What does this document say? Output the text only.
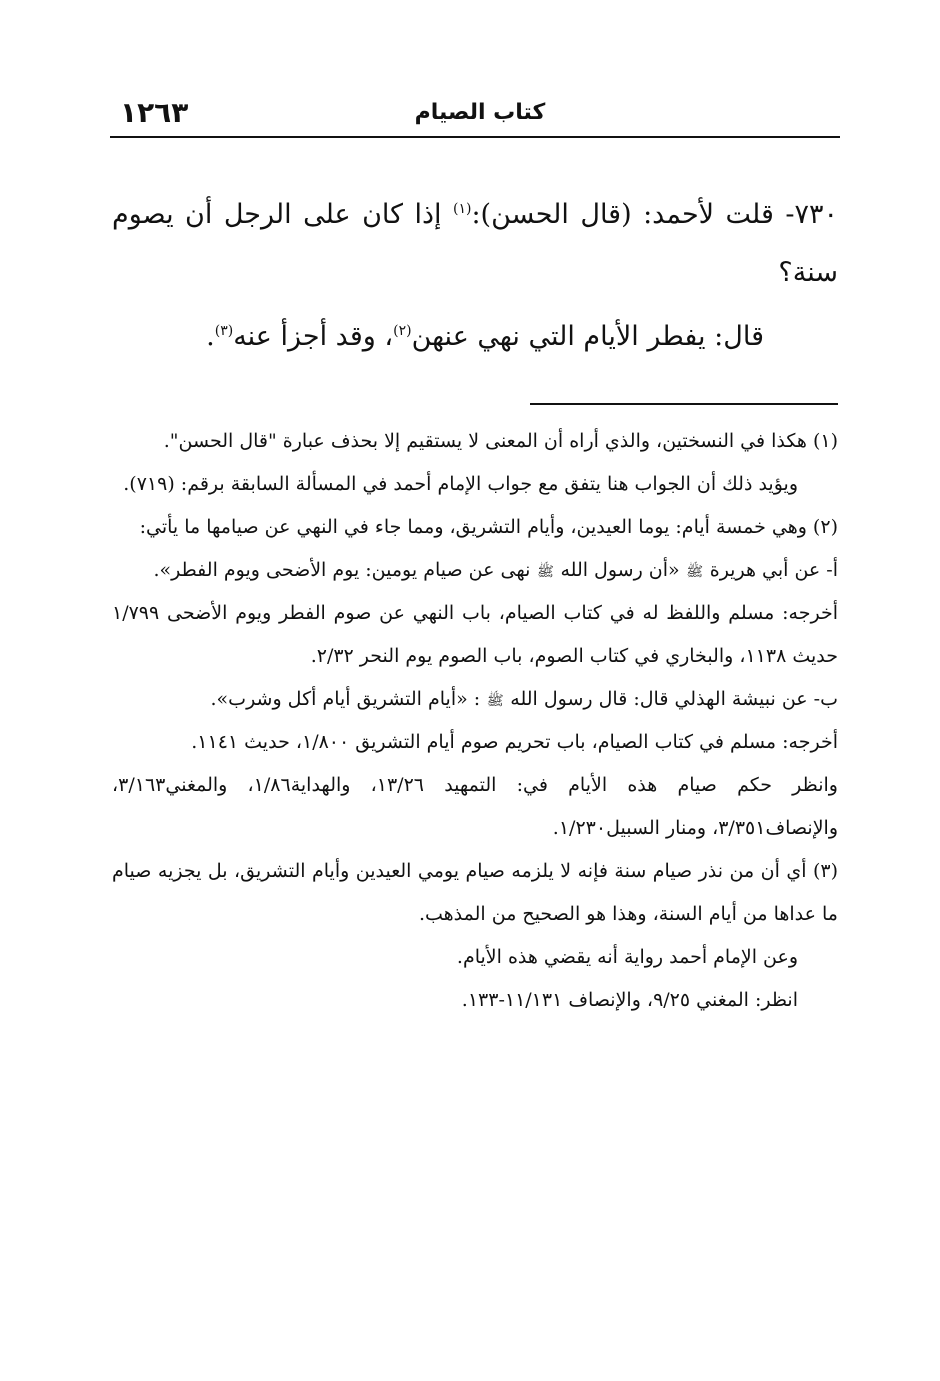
١٢٦٣	كتاب الصيام

٧٣٠- قلت لأحمد: (قال الحسن):$^{(١)}$ إذا كان على الرجل أن يصوم سنة؟

قال: يفطر الأيام التي نهي عنهن$^{(٢)}$، وقد أجزأ عنه$^{(٣)}$.

(١) هكذا في النسختين، والذي أراه أن المعنى لا يستقيم إلا بحذف عبارة "قال الحسن".
ويؤيد ذلك أن الجواب هنا يتفق مع جواب الإمام أحمد في المسألة السابقة برقم: (٧١٩).
(٢) وهي خمسة أيام: يوما العيدين، وأيام التشريق، ومما جاء في النهي عن صيامها ما يأتي:
أ- عن أبي هريرة ﷺ «أن رسول الله ﷺ نهى عن صيام يومين: يوم الأضحى ويوم الفطر».
أخرجه: مسلم واللفظ له في كتاب الصيام، باب النهي عن صوم الفطر ويوم الأضحى ١/٧٩٩ حديث ١١٣٨، والبخاري في كتاب الصوم، باب الصوم يوم النحر ٢/٣٢.
ب- عن نبيشة الهذلي قال: قال رسول الله ﷺ : «أيام التشريق أيام أكل وشرب».
أخرجه: مسلم في كتاب الصيام، باب تحريم صوم أيام التشريق ١/٨٠٠، حديث ١١٤١.
وانظر حكم صيام هذه الأيام في: التمهيد ١٣/٢٦، والهداية١/٨٦، والمغني٣/١٦٣، والإنصاف٣/٣٥١، ومنار السبيل١/٢٣٠.
(٣) أي أن من نذر صيام سنة فإنه لا يلزمه صيام يومي العيدين وأيام التشريق، بل يجزيه صيام ما عداها من أيام السنة، وهذا هو الصحيح من المذهب.
وعن الإمام أحمد رواية أنه يقضي هذه الأيام.
انظر: المغني ٩/٢٥، والإنصاف ١١/١٣١-١٣٣.
